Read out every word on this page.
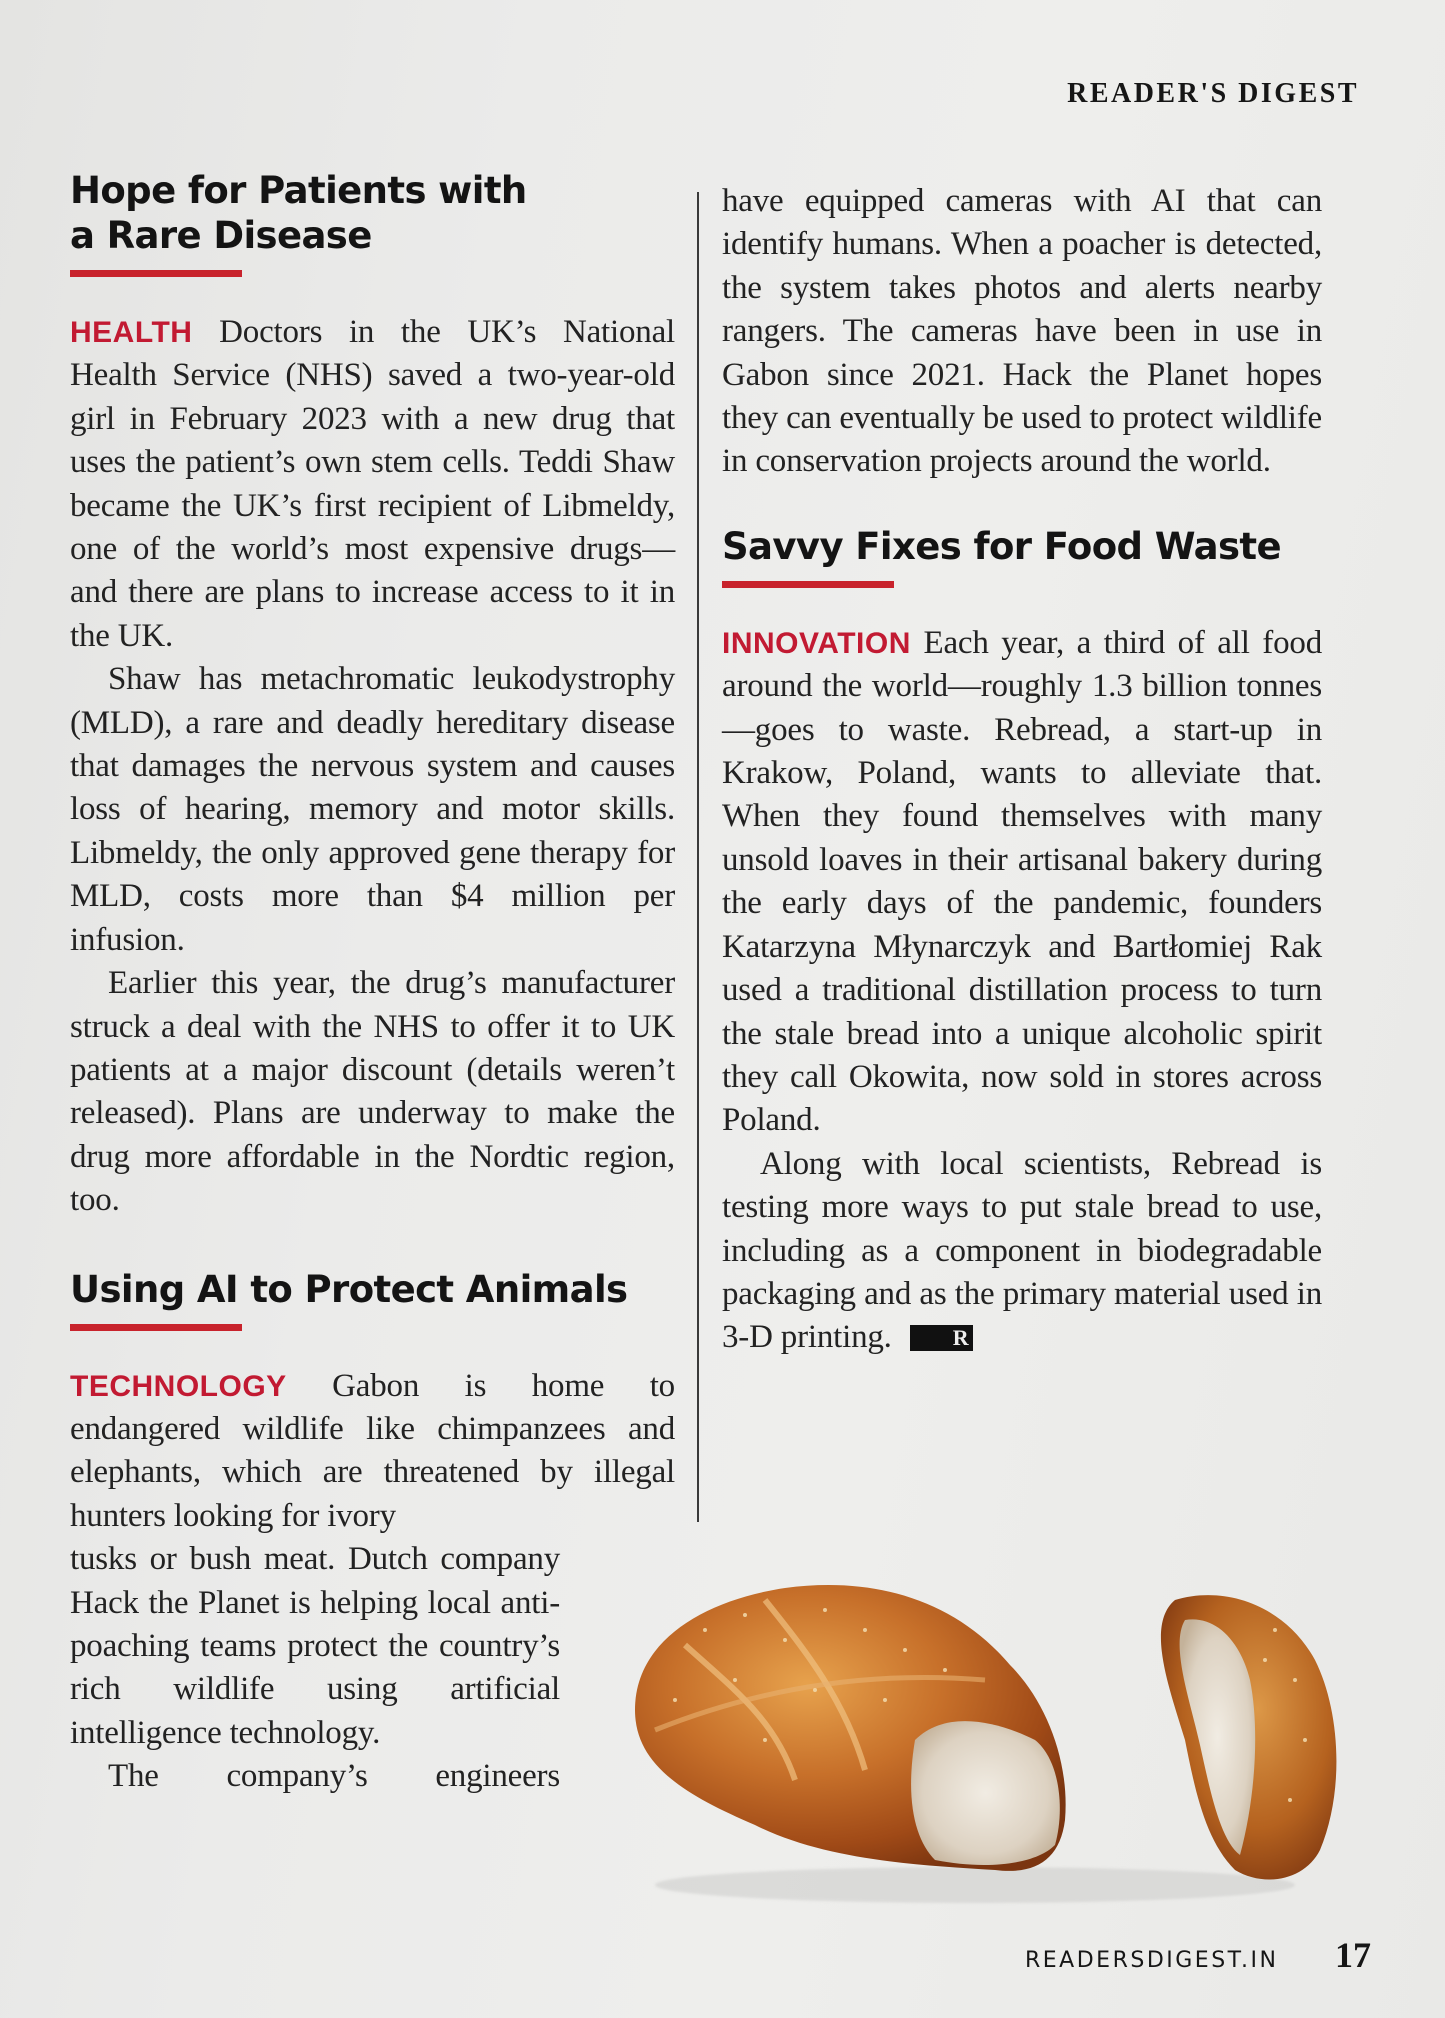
READER'S DIGEST
Hope for Patients with
a Rare Disease

HEALTH Doctors in the UK’s National Health Service (NHS) saved a two-year-old girl in February 2023 with a new drug that uses the patient’s own stem cells. Teddi Shaw became the UK’s first recipient of Libmeldy, one of the world’s most expensive drugs—and there are plans to increase access to it in the UK.

Shaw has metachromatic leukodystrophy (MLD), a rare and deadly hereditary disease that damages the nervous system and causes loss of hearing, memory and motor skills. Libmeldy, the only approved gene therapy for MLD, costs more than $4 million per infusion.

Earlier this year, the drug’s manufacturer struck a deal with the NHS to offer it to UK patients at a major discount (details weren’t released). Plans are underway to make the drug more affordable in the Nordtic region, too.

Using AI to Protect Animals

TECHNOLOGY Gabon is home to endangered wildlife like chimpanzees and elephants, which are threatened by illegal hunters looking for ivory

tusks or bush meat. Dutch company Hack the Planet is helping local anti-poaching teams protect the country’s rich wildlife using artificial intelligence technology.

The company’s engineers

have equipped cameras with AI that can identify humans. When a poacher is detected, the system takes photos and alerts nearby rangers. The cameras have been in use in Gabon since 2021. Hack the Planet hopes they can eventually be used to protect wildlife in conservation projects around the world.

Savvy Fixes for Food Waste

INNOVATION Each year, a third of all food around the world—roughly 1.3 billion tonnes—goes to waste. Rebread, a start-up in Krakow, Poland, wants to alleviate that. When they found themselves with many unsold loaves in their artisanal bakery during the early days of the pandemic, founders Katarzyna Młynarczyk and Bartłomiej Rak used a traditional distillation process to turn the stale bread into a unique alcoholic spirit they call Okowita, now sold in stores across Poland.

Along with local scientists, Rebread is testing more ways to put stale bread to use, including as a component in biodegradable packaging and as the primary material used in 3-D printing.	R

READERSDIGEST.IN 17
